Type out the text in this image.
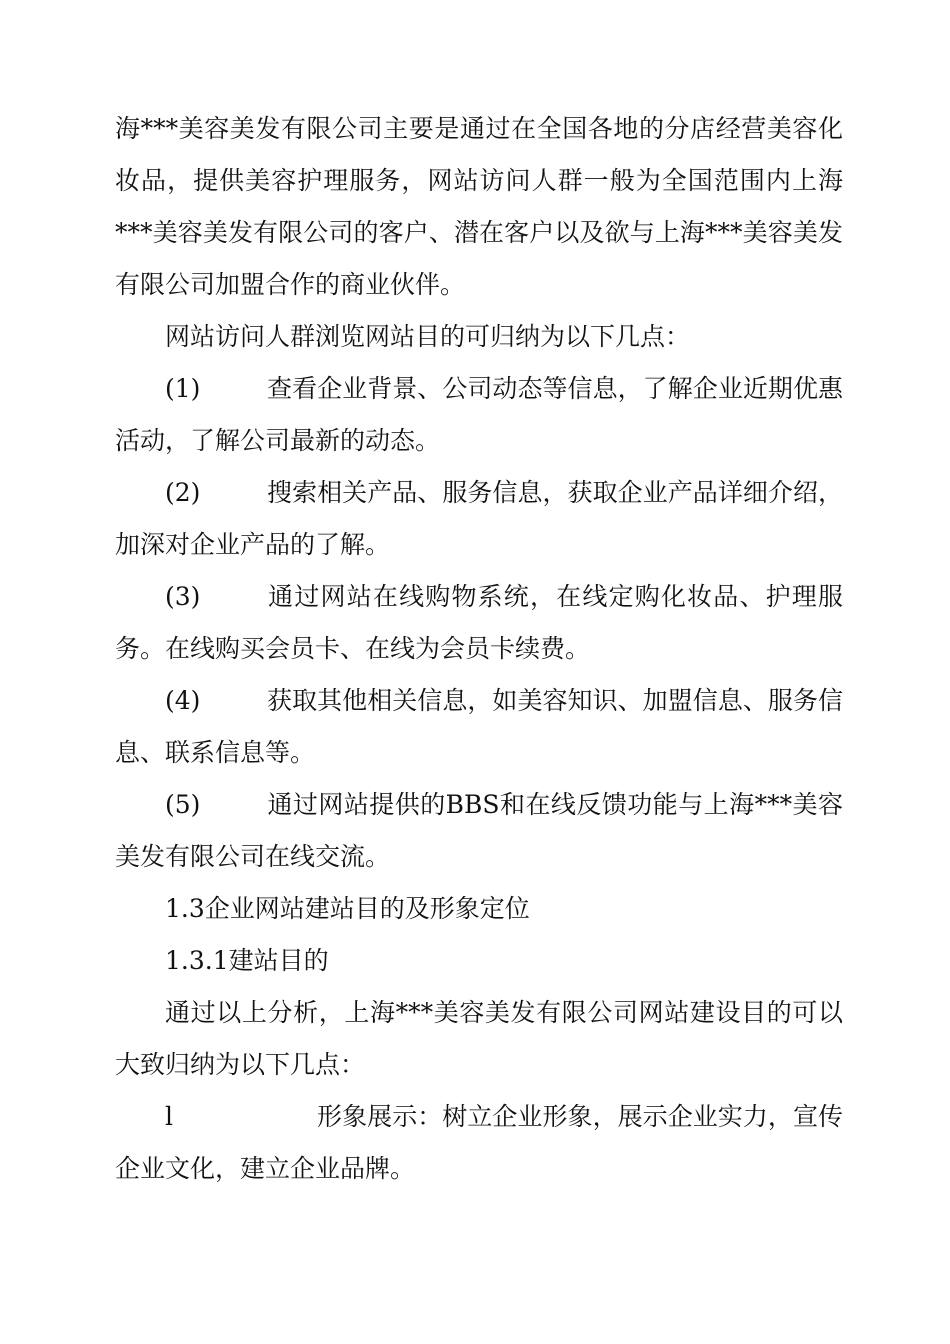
海***美容美发有限公司主要是通过在全国各地的分店经营美容化妆品，提供美容护理服务，网站访问人群一般为全国范围内上海***美容美发有限公司的客户、潜在客户以及欲与上海***美容美发有限公司加盟合作的商业伙伴。

网站访问人群浏览网站目的可归纳为以下几点：

(1)	查看企业背景、公司动态等信息，了解企业近期优惠活动，了解公司最新的动态。

(2)	搜索相关产品、服务信息，获取企业产品详细介绍，加深对企业产品的了解。

(3)	通过网站在线购物系统，在线定购化妆品、护理服务。在线购买会员卡、在线为会员卡续费。

(4)	获取其他相关信息，如美容知识、加盟信息、服务信息、联系信息等。

(5)	通过网站提供的BBS和在线反馈功能与上海***美容美发有限公司在线交流。

1.3企业网站建站目的及形象定位

1.3.1建站目的

通过以上分析，上海***美容美发有限公司网站建设目的可以大致归纳为以下几点：

l	形象展示：树立企业形象，展示企业实力，宣传企业文化，建立企业品牌。
